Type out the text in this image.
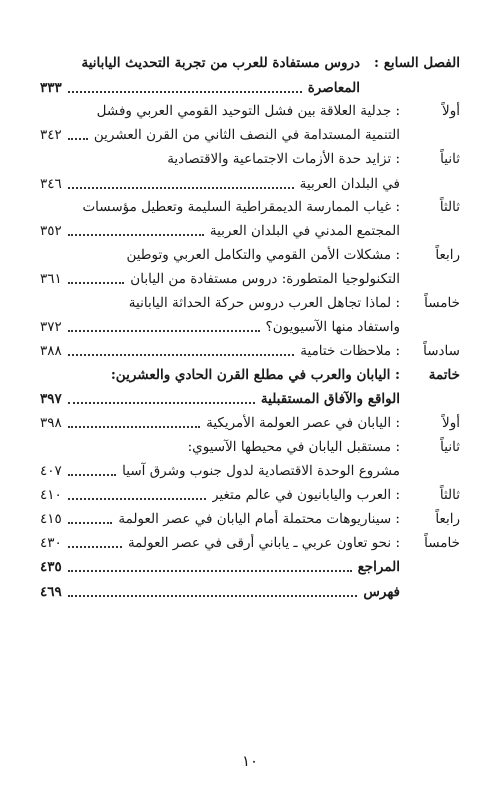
الفصل السابع :
دروس مستفادة للعرب من تجربة التحديث اليابانية
المعاصرة
٣٣٣
أولاً
: جدلية العلاقة بين فشل التوحيد القومي العربي وفشل
التنمية المستدامة في النصف الثاني من القرن العشرين
٣٤٢
ثانياً
: تزايد حدة الأزمات الاجتماعية والاقتصادية
في البلدان العربية
٣٤٦
ثالثاً
: غياب الممارسة الديمقراطية السليمة وتعطيل مؤسسات
المجتمع المدني في البلدان العربية
٣٥٢
رابعاً
: مشكلات الأمن القومي والتكامل العربي وتوطين
التكنولوجيا المتطورة: دروس مستفادة من اليابان
٣٦١
خامساً
: لماذا تجاهل العرب دروس حركة الحداثة اليابانية
واستفاد منها الآسيويون؟
٣٧٢
سادساً
: ملاحظات ختامية
٣٨٨
خاتمة
: اليابان والعرب في مطلع القرن الحادي والعشرين:
الواقع والآفاق المستقبلية
٣٩٧
أولاً
: اليابان في عصر العولمة الأمريكية
٣٩٨
ثانياً
: مستقبل اليابان في محيطها الآسيوي:
مشروع الوحدة الاقتصادية لدول جنوب وشرق آسيا
٤٠٧
ثالثاً
: العرب واليابانيون في عالم متغير
٤١٠
رابعاً
: سيناريوهات محتملة أمام اليابان في عصر العولمة
٤١٥
خامساً
: نحو تعاون عربي ـ ياباني أرقى في عصر العولمة
٤٣٠
المراجع
٤٣٥
فهرس
٤٦٩
١٠
